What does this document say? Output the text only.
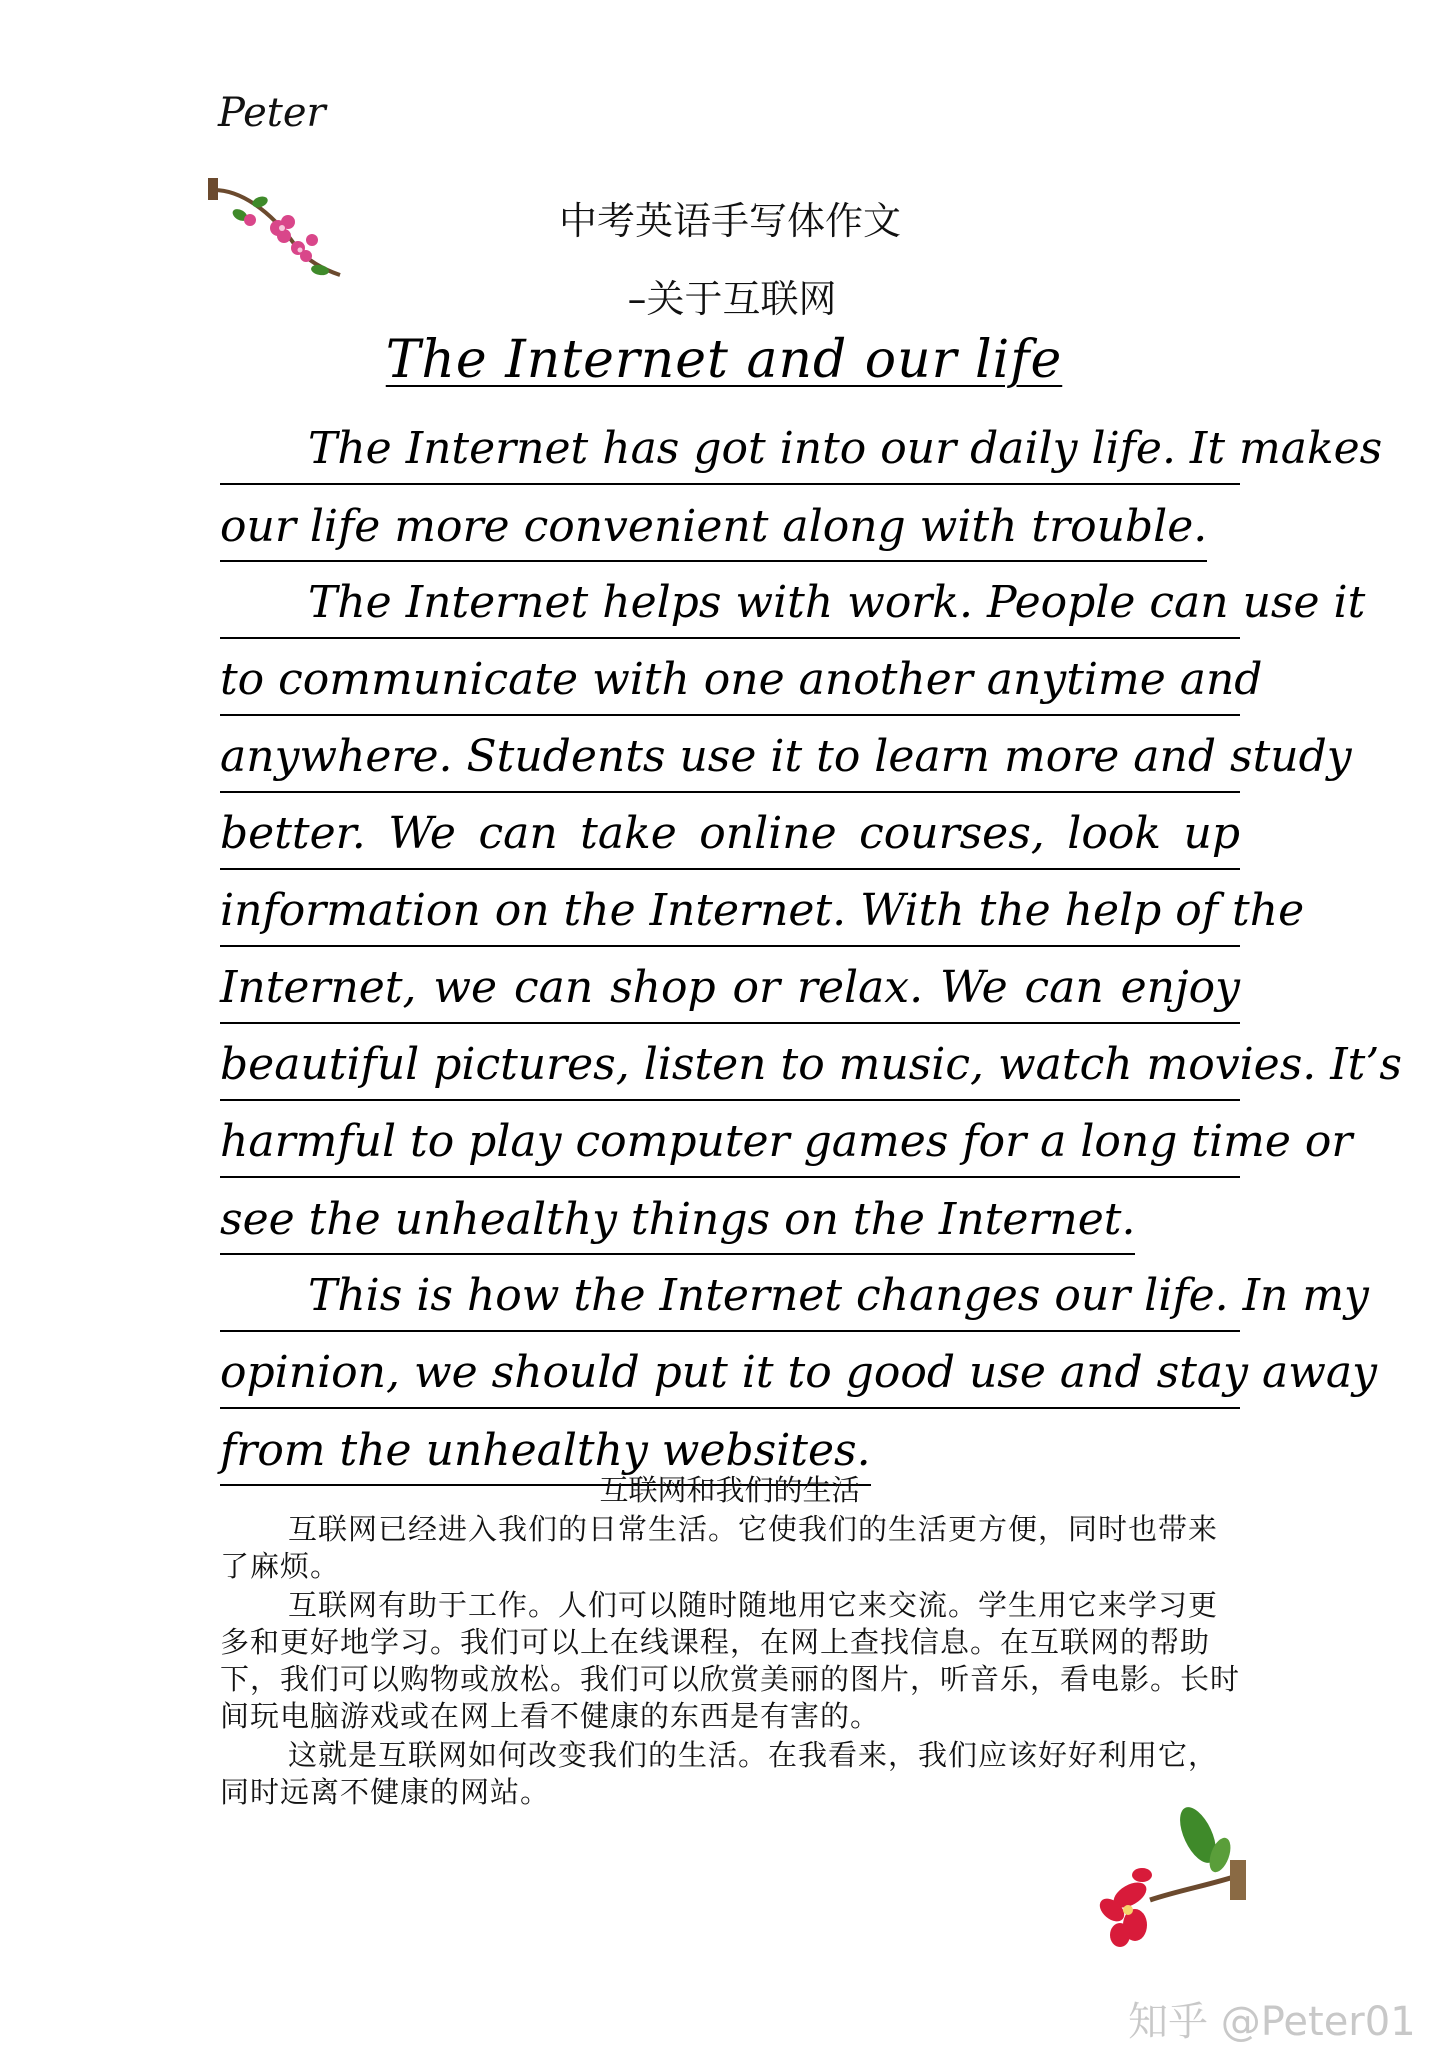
Peter
中考英语手写体作文
–关于互联网
The Internet and our life
The Internet has got into our daily life. It makes
our life more convenient along with trouble.
The Internet helps with work. People can use it
to communicate with one another anytime and
anywhere. Students use it to learn more and study
better. We can take online courses, look up
information on the Internet. With the help of the
Internet, we can shop or relax. We can enjoy
beautiful pictures, listen to music, watch movies. It’s
harmful to play computer games for a long time or
see the unhealthy things on the Internet.
This is how the Internet changes our life. In my
opinion, we should put it to good use and stay away
from the unhealthy websites.
互联网和我们的生活

互联网已经进入我们的日常生活。它使我们的生活更方便，同时也带来了麻烦。

互联网有助于工作。人们可以随时随地用它来交流。学生用它来学习更多和更好地学习。我们可以上在线课程，在网上查找信息。在互联网的帮助下，我们可以购物或放松。我们可以欣赏美丽的图片，听音乐，看电影。长时间玩电脑游戏或在网上看不健康的东西是有害的。

这就是互联网如何改变我们的生活。在我看来，我们应该好好利用它，同时远离不健康的网站。

知乎 @Peter01
